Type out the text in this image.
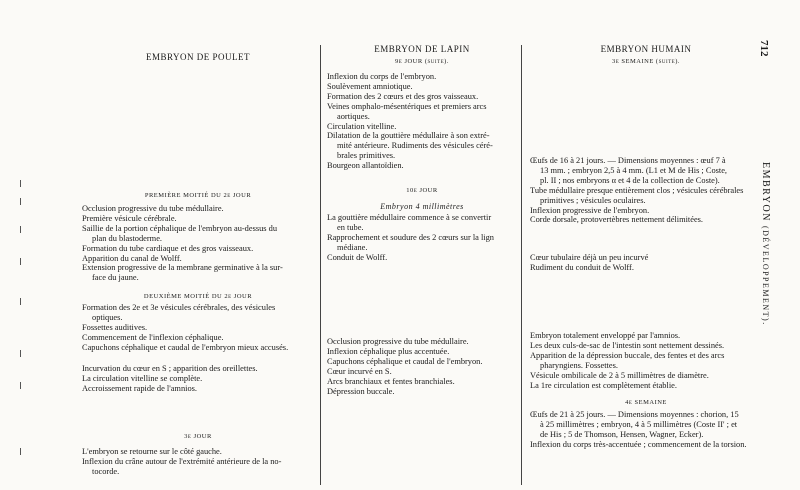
712
EMBRYON (DÉVELOPPEMENT).
EMBRYON DE POULET
PREMIÈRE MOITIÉ DU 2e JOUR

Occlusion progressive du tube médullaire.

Première vésicule cérébrale.

Saillie de la portion céphalique de l'embryon au-dessus du

plan du blastoderme.

Formation du tube cardiaque et des gros vaisseaux.

Apparition du canal de Wolff.

Extension progressive de la membrane germinative à la sur-

face du jaune.

DEUXIÈME MOITIÉ DU 2e JOUR

Formation des 2e et 3e vésicules cérébrales, des vésicules

optiques.

Fossettes auditives.

Commencement de l'inflexion céphalique.

Capuchons céphalique et caudal de l'embryon mieux accusés.

Incurvation du cœur en S ; apparition des oreillettes.

La circulation vitelline se complète.

Accroissement rapide de l'amnios.

3e JOUR

L'embryon se retourne sur le côté gauche.

Inflexion du crâne autour de l'extrémité antérieure de la no-

tocorde.

EMBRYON DE LAPIN
9e JOUR (suite).

Inflexion du corps de l'embryon.

Soulèvement amniotique.

Formation des 2 cœurs et des gros vaisseaux.

Veines omphalo-mésentériques et premiers arcs

aortiques.

Circulation vitelline.

Dilatation de la gouttière médullaire à son extré-

mité antérieure. Rudiments des vésicules céré-

brales primitives.

Bourgeon allantoïdien.

10e JOUR
Embryon 4 millimètres

La gouttière médullaire commence à se convertir

en tube.

Rapprochement et soudure des 2 cœurs sur la lign

médiane.

Conduit de Wolff.

Occlusion progressive du tube médullaire.

Inflexion céphalique plus accentuée.

Capuchons céphalique et caudal de l'embryon.

Cœur incurvé en S.

Arcs branchiaux et fentes branchiales.

Dépression buccale.

EMBRYON HUMAIN
3e SEMAINE (suite).

Œufs de 16 à 21 jours. — Dimensions moyennes : œuf 7 à

13 mm. ; embryon 2,5 à 4 mm. (L1 et M de His ; Coste,

pl. II ; nos embryons α et 4 de la collection de Coste).

Tube médullaire presque entièrement clos ; vésicules cérébrales

primitives ; vésicules oculaires.

Inflexion progressive de l'embryon.

Corde dorsale, protovertèbres nettement délimitées.

Cœur tubulaire déjà un peu incurvé

Rudiment du conduit de Wolff.

Embryon totalement enveloppé par l'amnios.

Les deux culs-de-sac de l'intestin sont nettement dessinés.

Apparition de la dépression buccale, des fentes et des arcs

pharyngiens. Fossettes.

Vésicule ombilicale de 2 à 5 millimètres de diamètre.

La 1re circulation est complètement établie.

4e SEMAINE

Œufs de 21 à 25 jours. — Dimensions moyennes : chorion, 15

à 25 millimètres ; embryon, 4 à 5 millimètres (Coste II' ; et

de His ; 5 de Thomson, Hensen, Wagner, Ecker).

Inflexion du corps très-accentuée ; commencement de la torsion.
